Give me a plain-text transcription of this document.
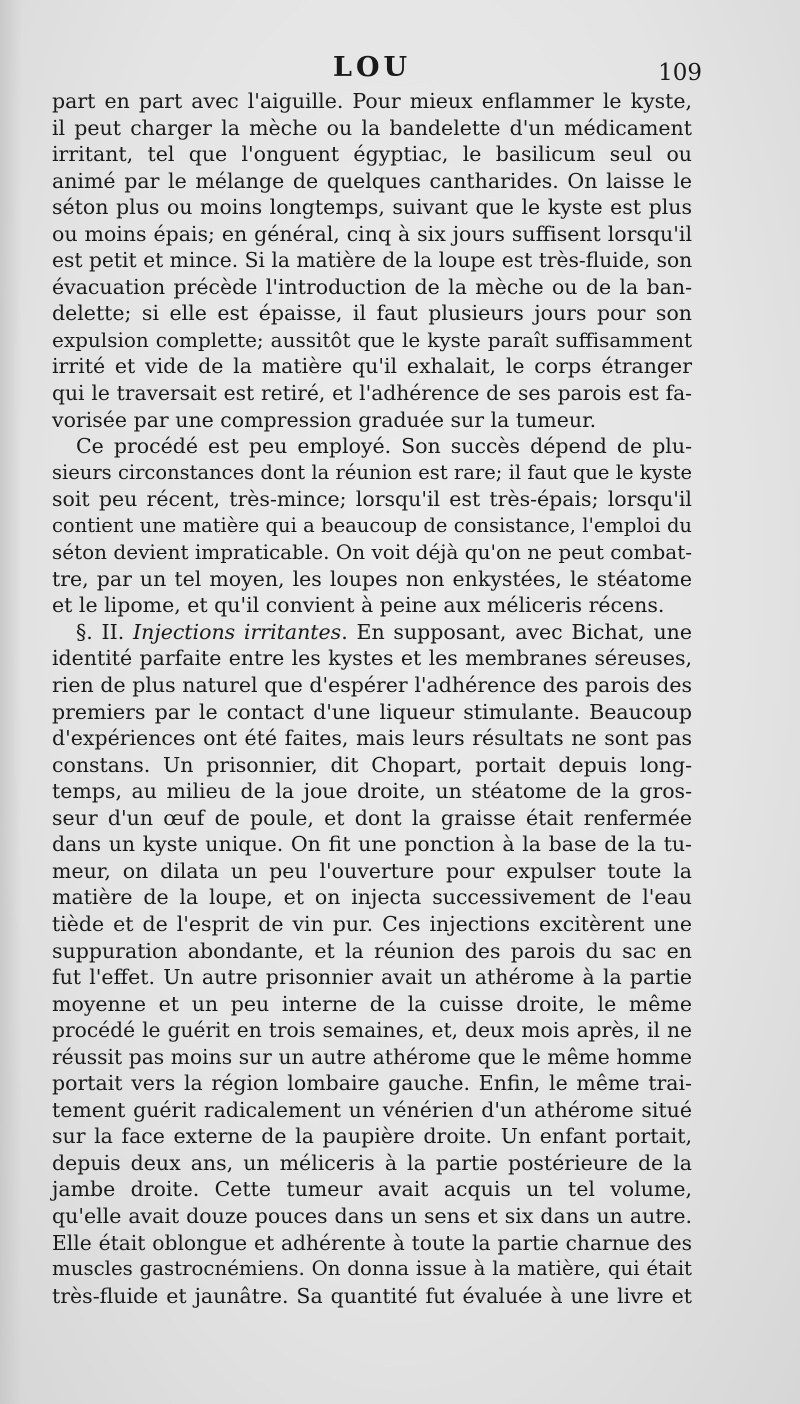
LOU	109
part en part avec l'aiguille. Pour mieux enflammer le kyste,
il peut charger la mèche ou la bandelette d'un médicament
irritant, tel que l'onguent égyptiac, le basilicum seul ou
animé par le mélange de quelques cantharides. On laisse le
séton plus ou moins longtemps, suivant que le kyste est plus
ou moins épais; en général, cinq à six jours suffisent lorsqu'il
est petit et mince. Si la matière de la loupe est très-fluide, son
évacuation précède l'introduction de la mèche ou de la ban-
delette; si elle est épaisse, il faut plusieurs jours pour son
expulsion complette; aussitôt que le kyste paraît suffisamment
irrité et vide de la matière qu'il exhalait, le corps étranger
qui le traversait est retiré, et l'adhérence de ses parois est fa-
vorisée par une compression graduée sur la tumeur.
Ce procédé est peu employé. Son succès dépend de plu-
sieurs circonstances dont la réunion est rare; il faut que le kyste
soit peu récent, très-mince; lorsqu'il est très-épais; lorsqu'il
contient une matière qui a beaucoup de consistance, l'emploi du
séton devient impraticable. On voit déjà qu'on ne peut combat-
tre, par un tel moyen, les loupes non enkystées, le stéatome
et le lipome, et qu'il convient à peine aux méliceris récens.
§. II. Injections irritantes. En supposant, avec Bichat, une
identité parfaite entre les kystes et les membranes séreuses,
rien de plus naturel que d'espérer l'adhérence des parois des
premiers par le contact d'une liqueur stimulante. Beaucoup
d'expériences ont été faites, mais leurs résultats ne sont pas
constans. Un prisonnier, dit Chopart, portait depuis long-
temps, au milieu de la joue droite, un stéatome de la gros-
seur d'un œuf de poule, et dont la graisse était renfermée
dans un kyste unique. On fit une ponction à la base de la tu-
meur, on dilata un peu l'ouverture pour expulser toute la
matière de la loupe, et on injecta successivement de l'eau
tiède et de l'esprit de vin pur. Ces injections excitèrent une
suppuration abondante, et la réunion des parois du sac en
fut l'effet. Un autre prisonnier avait un athérome à la partie
moyenne et un peu interne de la cuisse droite, le même
procédé le guérit en trois semaines, et, deux mois après, il ne
réussit pas moins sur un autre athérome que le même homme
portait vers la région lombaire gauche. Enfin, le même trai-
tement guérit radicalement un vénérien d'un athérome situé
sur la face externe de la paupière droite. Un enfant portait,
depuis deux ans, un méliceris à la partie postérieure de la
jambe droite. Cette tumeur avait acquis un tel volume,
qu'elle avait douze pouces dans un sens et six dans un autre.
Elle était oblongue et adhérente à toute la partie charnue des
muscles gastrocnémiens. On donna issue à la matière, qui était
très-fluide et jaunâtre. Sa quantité fut évaluée à une livre et
